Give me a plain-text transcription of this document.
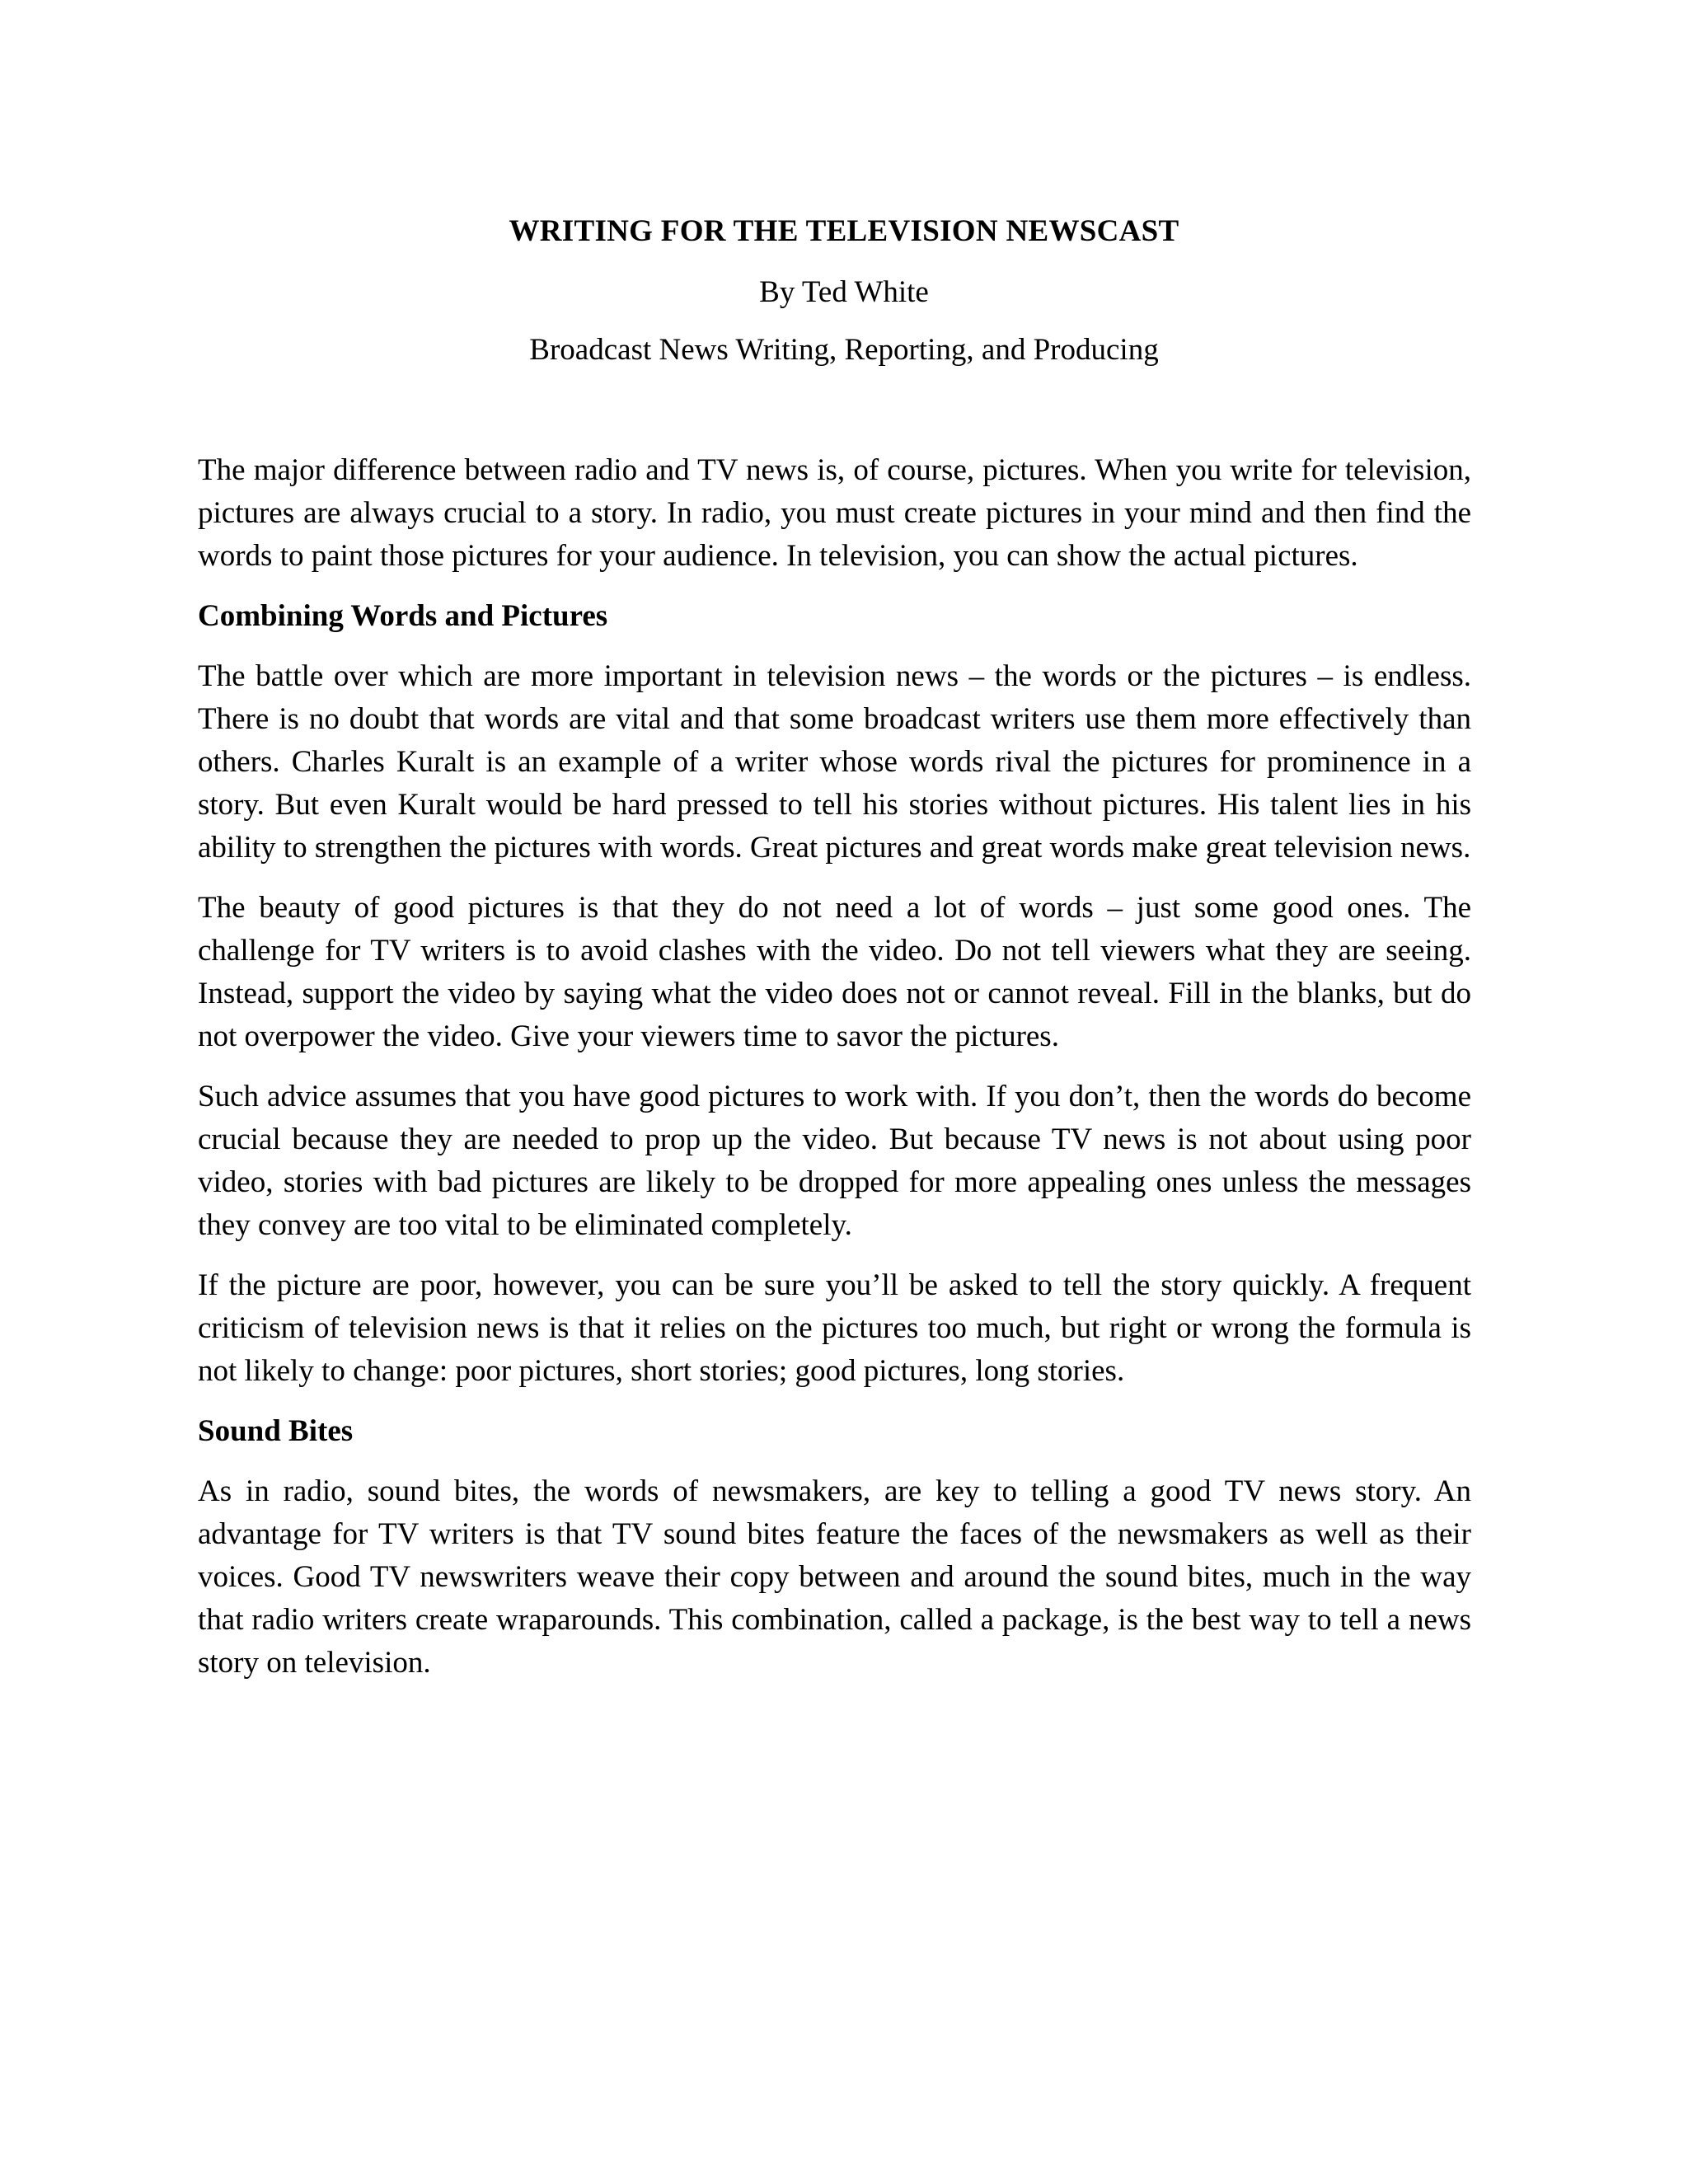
WRITING FOR THE TELEVISION NEWSCAST

By Ted White

Broadcast News Writing, Reporting, and Producing

The major difference between radio and TV news is, of course, pictures. When you write for television, pictures are always crucial to a story. In radio, you must create pictures in your mind and then find the words to paint those pictures for your audience. In television, you can show the actual pictures.

Combining Words and Pictures

The battle over which are more important in television news – the words or the pictures – is endless. There is no doubt that words are vital and that some broadcast writers use them more effectively than others. Charles Kuralt is an example of a writer whose words rival the pictures for prominence in a story. But even Kuralt would be hard pressed to tell his stories without pictures. His talent lies in his ability to strengthen the pictures with words. Great pictures and great words make great television news.

The beauty of good pictures is that they do not need a lot of words – just some good ones. The challenge for TV writers is to avoid clashes with the video. Do not tell viewers what they are seeing. Instead, support the video by saying what the video does not or cannot reveal. Fill in the blanks, but do not overpower the video. Give your viewers time to savor the pictures.

Such advice assumes that you have good pictures to work with. If you don’t, then the words do become crucial because they are needed to prop up the video. But because TV news is not about using poor video, stories with bad pictures are likely to be dropped for more appealing ones unless the messages they convey are too vital to be eliminated completely.

If the picture are poor, however, you can be sure you’ll be asked to tell the story quickly. A frequent criticism of television news is that it relies on the pictures too much, but right or wrong the formula is not likely to change: poor pictures, short stories; good pictures, long stories.

Sound Bites

As in radio, sound bites, the words of newsmakers, are key to telling a good TV news story. An advantage for TV writers is that TV sound bites feature the faces of the newsmakers as well as their voices. Good TV newswriters weave their copy between and around the sound bites, much in the way that radio writers create wraparounds. This combination, called a package, is the best way to tell a news story on television.
